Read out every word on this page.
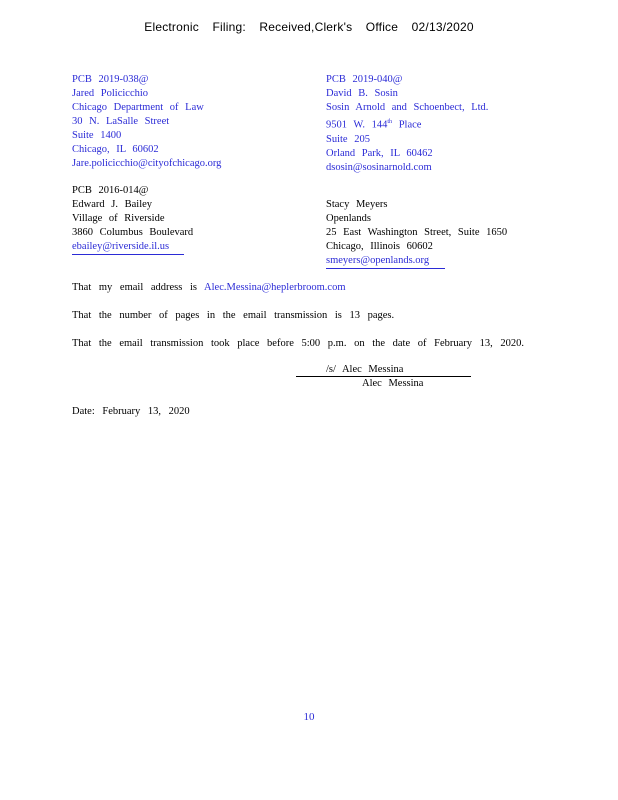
Electronic Filing: Received,Clerk's Office 02/13/2020
PCB 2019-038@
Jared Policicchio
Chicago Department of Law
30 N. LaSalle Street
Suite 1400
Chicago, IL 60602
Jare.policicchio@cityofchicago.org
PCB 2019-040@
David B. Sosin
Sosin Arnold and Schoenbect, Ltd.
9501 W. 144th Place
Suite 205
Orland Park, IL 60462
dsosin@sosinarnold.com
PCB 2016-014@
Edward J. Bailey
Village of Riverside
3860 Columbus Boulevard
ebailey@riverside.il.us
Stacy Meyers
Openlands
25 East Washington Street, Suite 1650
Chicago, Illinois 60602
smeyers@openlands.org
That my email address is Alec.Messina@heplerbroom.com
That the number of pages in the email transmission is 13 pages.
That the email transmission took place before 5:00 p.m. on the date of February 13, 2020.
/s/ Alec Messina
Alec Messina
Date: February 13, 2020
10
